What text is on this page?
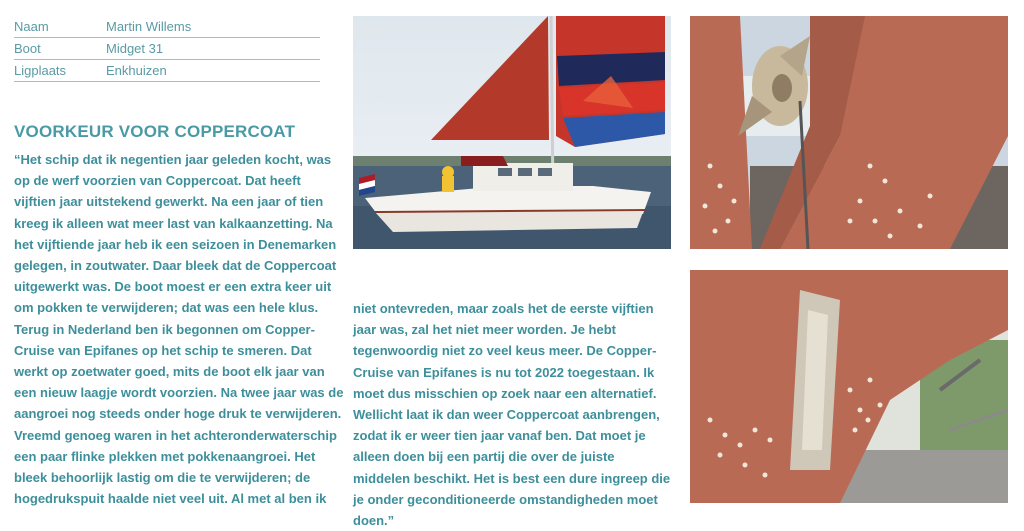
Naam	Martin Willems
Boot	Midget 31
Ligplaats	Enkhuizen
VOORKEUR VOOR COPPERCOAT

“Het schip dat ik negentien jaar geleden kocht, was op de werf voorzien van Coppercoat. Dat heeft vijftien jaar uitstekend gewerkt. Na een jaar of tien kreeg ik alleen wat meer last van kalkaanzetting. Na het vijftiende jaar heb ik een seizoen in Denemarken gelegen, in zoutwater. Daar bleek dat de Coppercoat uitgewerkt was. De boot moest er een extra keer uit om pokken te verwijderen; dat was een hele klus. Terug in Nederland ben ik begonnen om Copper-Cruise van Epifanes op het schip te smeren. Dat werkt op zoetwater goed, mits de boot elk jaar van een nieuw laagje wordt voorzien. Na twee jaar was de aangroei nog steeds onder hoge druk te verwijderen. Vreemd genoeg waren in het achteronderwaterschip een paar flinke plekken met pokkenaangroei. Het bleek behoorlijk lastig om die te verwijderen; de hogedrukspuit haalde niet veel uit. Al met al ben ik

niet ontevreden, maar zoals het de eerste vijftien jaar was, zal het niet meer worden. Je hebt tegenwoordig niet zo veel keus meer. De Copper-Cruise van Epifanes is nu tot 2022 toegestaan. Ik moet dus misschien op zoek naar een alternatief.

Wellicht laat ik dan weer Coppercoat aanbrengen, zodat ik er weer tien jaar vanaf ben. Dat moet je alleen doen bij een partij die over de juiste middelen beschikt. Het is best een dure ingreep die je onder geconditioneerde omstandigheden moet doen.”
